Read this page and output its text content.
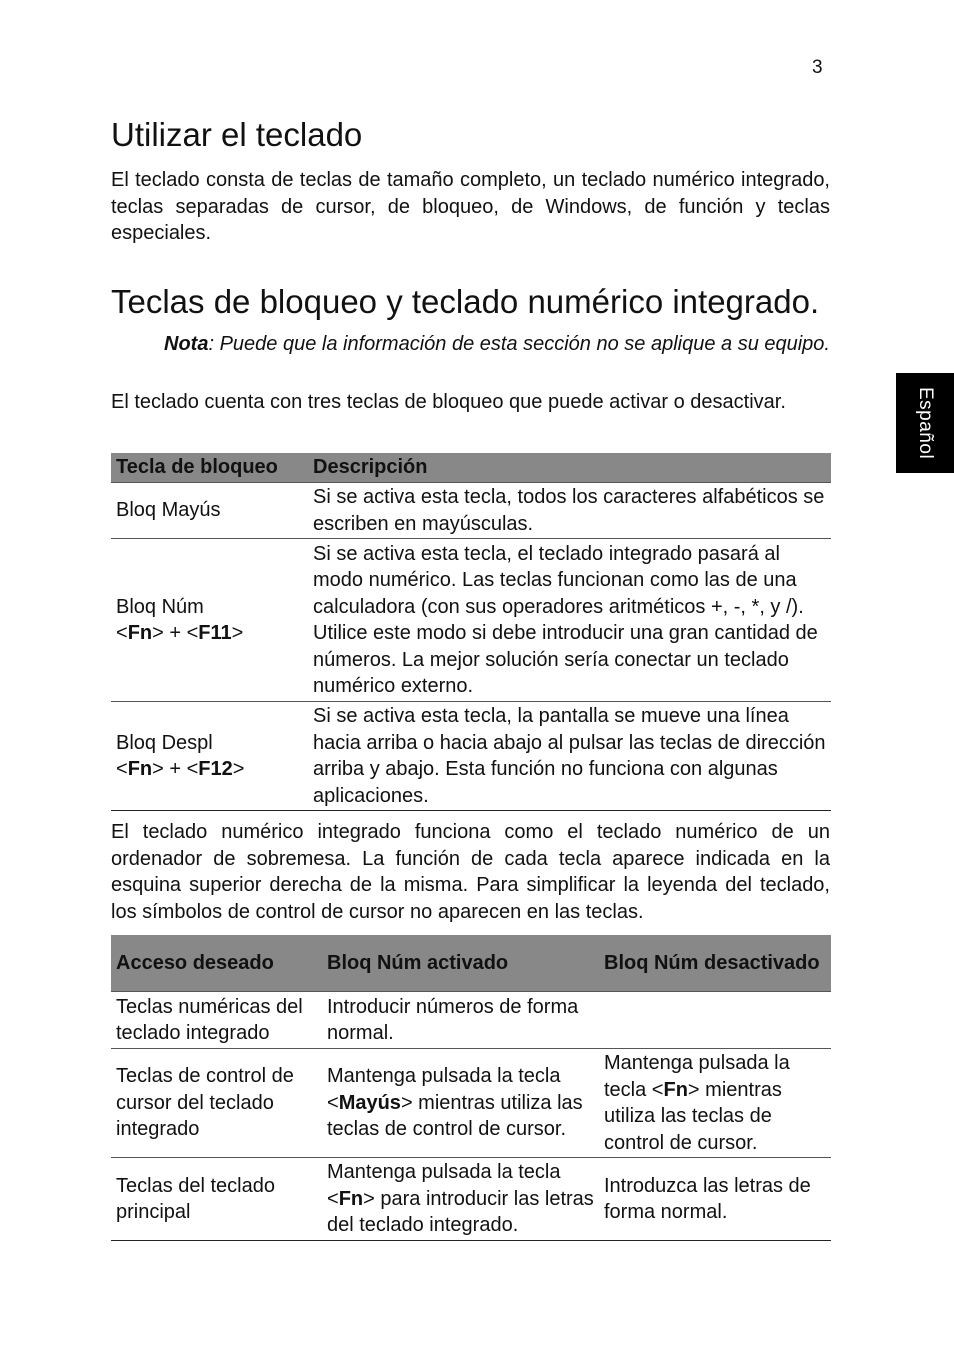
3
Español
Utilizar el teclado

El teclado consta de teclas de tamaño completo, un teclado numérico integrado, teclas separadas de cursor, de bloqueo, de Windows, de función y teclas especiales.

Teclas de bloqueo y teclado numérico integrado.

Nota: Puede que la información de esta sección no se aplique a su equipo.

El teclado cuenta con tres teclas de bloqueo que puede activar o desactivar.

Tecla de bloqueo	Descripción
Bloq Mayús	Si se activa esta tecla, todos los caracteres alfabéticos se escriben en mayúsculas.
Bloq Núm
<Fn> + <F11>	Si se activa esta tecla, el teclado integrado pasará al modo numérico. Las teclas funcionan como las de una calculadora (con sus operadores aritméticos +, -, *, y /). Utilice este modo si debe introducir una gran cantidad de números. La mejor solución sería conectar un teclado numérico externo.
Bloq Despl
<Fn> + <F12>	Si se activa esta tecla, la pantalla se mueve una línea hacia arriba o hacia abajo al pulsar las teclas de dirección arriba y abajo. Esta función no funciona con algunas aplicaciones.

El teclado numérico integrado funciona como el teclado numérico de un ordenador de sobremesa. La función de cada tecla aparece indicada en la esquina superior derecha de la misma. Para simplificar la leyenda del teclado, los símbolos de control de cursor no aparecen en las teclas.

Acceso deseado	Bloq Núm activado	Bloq Núm desactivado
Teclas numéricas del teclado integrado	Introducir números de forma normal.	
Teclas de control de cursor del teclado integrado	Mantenga pulsada la tecla <Mayús> mientras utiliza las teclas de control de cursor.	Mantenga pulsada la tecla <Fn> mientras utiliza las teclas de control de cursor.
Teclas del teclado principal	Mantenga pulsada la tecla <Fn> para introducir las letras del teclado integrado.	Introduzca las letras de forma normal.
